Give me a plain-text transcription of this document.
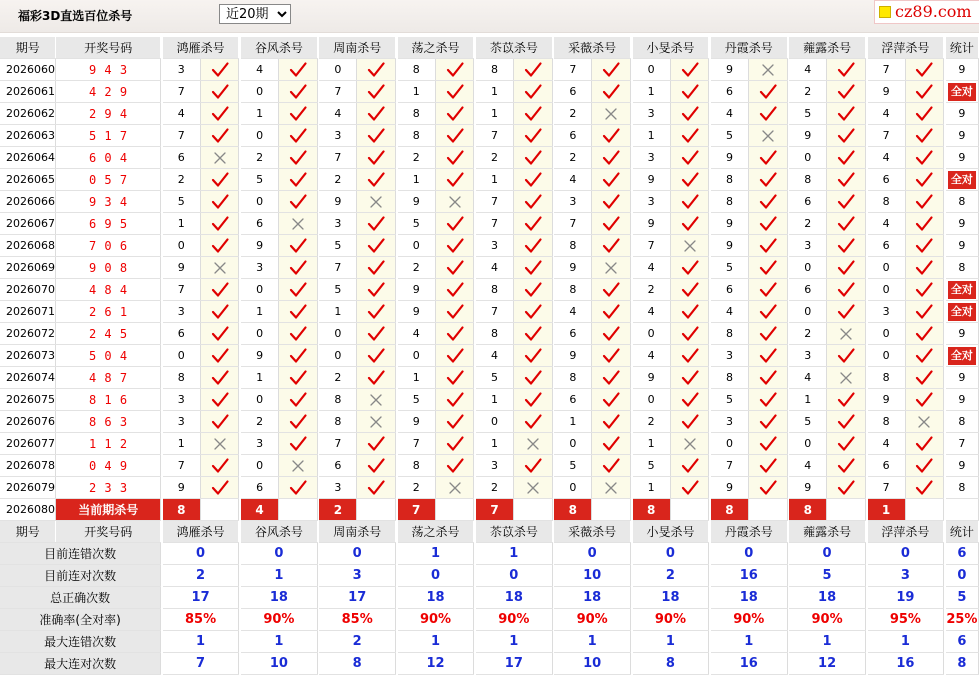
福彩3D直选百位杀号
近20期	cz89.com
期号	开奖号码		鸿雁杀号			谷风杀号			周南杀号			荡之杀号			苶苡杀号			采薇杀号			小旻杀号			丹霞杀号			蕹露杀号			浮萍杀号			统计
2026060	9 4 3		3			4			0			8			8			7			0			9			4			7			9
2026061	4 2 9		7			0			7			1			1			6			1			6			2			9			全对
2026062	2 9 4		4			1			4			8			1			2			3			4			5			4			9
2026063	5 1 7		7			0			3			8			7			6			1			5			9			7			9
2026064	6 0 4		6			2			7			2			2			2			3			9			0			4			9
2026065	0 5 7		2			5			2			1			1			4			9			8			8			6			全对
2026066	9 3 4		5			0			9			9			7			3			3			8			6			8			8
2026067	6 9 5		1			6			3			5			7			7			9			9			2			4			9
2026068	7 0 6		0			9			5			0			3			8			7			9			3			6			9
2026069	9 0 8		9			3			7			2			4			9			4			5			0			0			8
2026070	4 8 4		7			0			5			9			8			8			2			6			6			0			全对
2026071	2 6 1		3			1			1			9			7			4			4			4			0			3			全对
2026072	2 4 5		6			0			0			4			8			6			0			8			2			0			9
2026073	5 0 4		0			9			0			0			4			9			4			3			3			0			全对
2026074	4 8 7		8			1			2			1			5			8			9			8			4			8			9
2026075	8 1 6		3			0			8			5			1			6			0			5			1			9			9
2026076	8 6 3		3			2			8			9			0			1			2			3			5			8			8
2026077	1 1 2		1			3			7			7			1			0			1			0			0			4			7
2026078	0 4 9		7			0			6			8			3			5			5			7			4			6			9
2026079	2 3 3		9			6			3			2			2			0			1			9			9			7			8
2026080	当前期杀号		8			4			2			7			7			8			8			8			8			1			
期号	开奖号码		鸿雁杀号			谷风杀号			周南杀号			荡之杀号			苶苡杀号			采薇杀号			小旻杀号			丹霞杀号			蕹露杀号			浮萍杀号			统计
目前连错次数			0			0			0			1			1			0			0			0			0			0			6
目前连对次数			2			1			3			0			0			10			2			16			5			3			0
总正确次数			17			18			17			18			18			18			18			18			18			19			5
准确率(全对率)			85%			90%			85%			90%			90%			90%			90%			90%			90%			95%			25%
最大连错次数			1			1			2			1			1			1			1			1			1			1			6
最大连对次数			7			10			8			12			17			10			8			16			12			16			8
